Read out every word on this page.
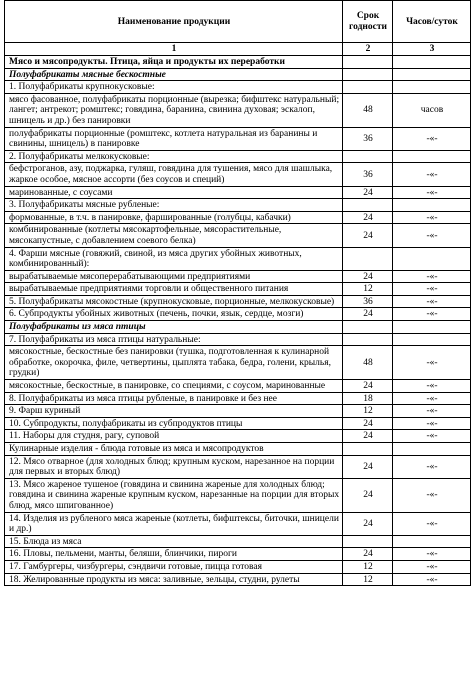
Наименование продукции	Срок годности	Часов/суток
1	2	3
Мясо и мясопродукты. Птица, яйца и продукты их переработки		
Полуфабрикаты мясные бескостные		
1. Полуфабрикаты крупнокусковые:		
мясо фасованное, полуфабрикаты порционные (вырезка; бифштекс натуральный; лангет; антрекот; ромштекс; говядина, баранина, свинина духовая; эскалоп, шницель и др.) без панировки	48	часов
полуфабрикаты порционные (ромштекс, котлета натуральная из баранины и свинины, шницель) в панировке	36	-«-
2. Полуфабрикаты мелкокусковые:		
бефстроганов, азу, поджарка, гуляш, говядина для тушения, мясо для шашлыка, жаркое особое, мясное ассорти (без соусов и специй)	36	-«-
маринованные, с соусами	24	-«-
3. Полуфабрикаты мясные рубленые:		
формованные, в т.ч. в панировке, фаршированные (голубцы, кабачки)	24	-«-
комбинированные (котлеты мясокартофельные, мясорастительные, мясокапустные, с добавлением соевого белка)	24	-«-
4. Фарши мясные (говяжий, свиной, из мяса других убойных животных, комбинированный):		
вырабатываемые мясоперерабатывающими предприятиями	24	-«-
вырабатываемые предприятиями торговли и общественного питания	12	-«-
5. Полуфабрикаты мясокостные (крупнокусковые, порционные, мелкокусковые)	36	-«-
6. Субпродукты убойных животных (печень, почки, язык, сердце, мозги)	24	-«-
Полуфабрикаты из мяса птицы		
7. Полуфабрикаты из мяса птицы натуральные:		
мясокостные, бескостные без панировки (тушка, подготовленная к кулинарной обработке, окорочка, филе, четвертины, цыплята табака, бедра, голени, крылья, грудки)	48	-«-
мясокостные, бескостные, в панировке, со специями, с соусом, маринованные	24	-«-
8. Полуфабрикаты из мяса птицы рубленые, в панировке и без нее	18	-«-
9. Фарш куриный	12	-«-
10. Субпродукты, полуфабрикаты из субпродуктов птицы	24	-«-
11. Наборы для студня, рагу, суповой	24	-«-
Кулинарные изделия - блюда готовые из мяса и мясопродуктов		
12. Мясо отварное (для холодных блюд; крупным куском, нарезанное на порции для первых и вторых блюд)	24	-«-
13. Мясо жареное тушеное (говядина и свинина жареные для холодных блюд; говядина и свинина жареные крупным куском, нарезанные на порции для вторых блюд, мясо шпигованное)	24	-«-
14. Изделия из рубленого мяса жареные (котлеты, бифштексы, биточки, шницели и др.)	24	-«-
15. Блюда из мяса		
16. Пловы, пельмени, манты, беляши, блинчики, пироги	24	-«-
17. Гамбургеры, чизбургеры, сэндвичи готовые, пицца готовая	12	-«-
18. Желированные продукты из мяса: заливные, зельцы, студни, рулеты	12	-«-
